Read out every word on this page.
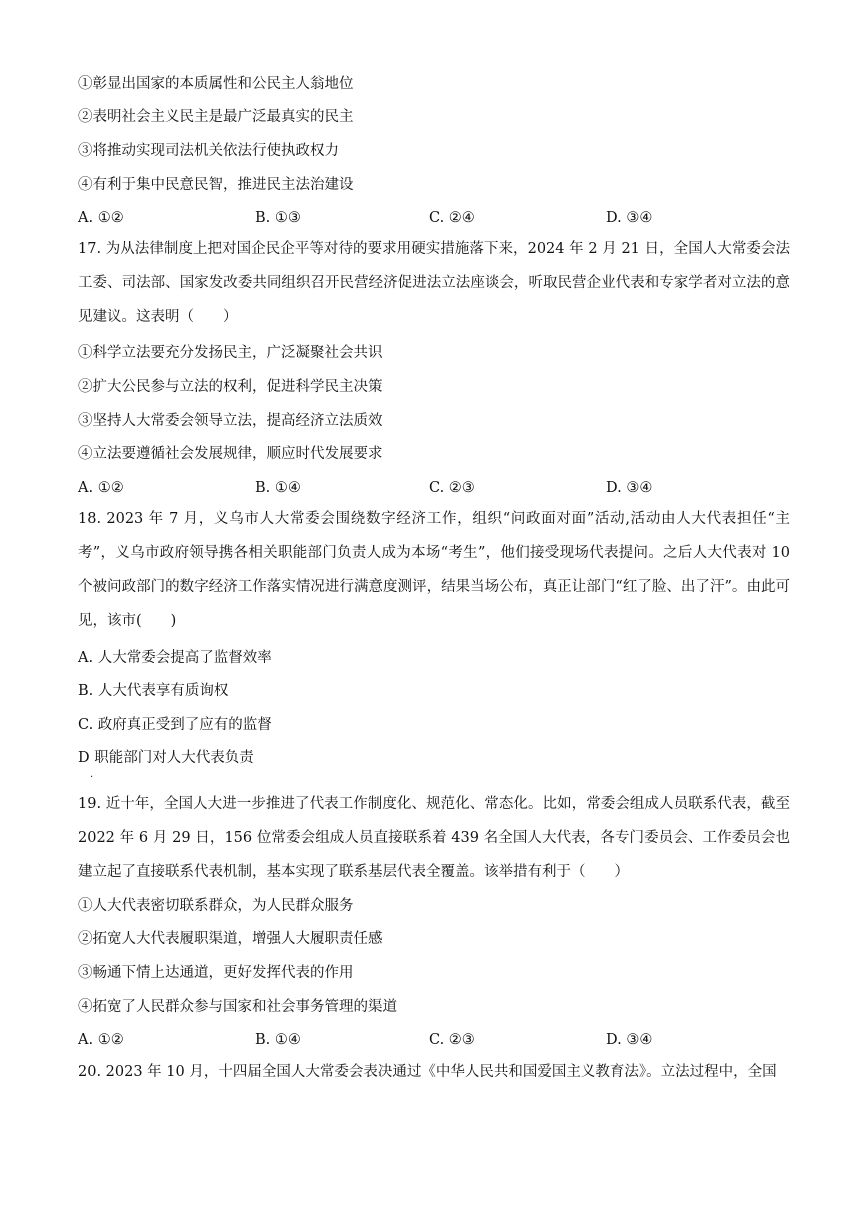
①彰显出国家的本质属性和公民主人翁地位
②表明社会主义民主是最广泛最真实的民主
③将推动实现司法机关依法行使执政权力
④有利于集中民意民智，推进民主法治建设
A. ①②	B. ①③	C. ②④	D. ③④
17. 为从法律制度上把对国企民企平等对待的要求用硬实措施落下来，2024 年 2 月 21 日，全国人大常委会法工委、司法部、国家发改委共同组织召开民营经济促进法立法座谈会，听取民营企业代表和专家学者对立法的意见建议。这表明（　　）
①科学立法要充分发扬民主，广泛凝聚社会共识
②扩大公民参与立法的权利，促进科学民主决策
③坚持人大常委会领导立法，提高经济立法质效
④立法要遵循社会发展规律，顺应时代发展要求
A. ①②	B. ①④	C. ②③	D. ③④
18. 2023 年 7 月，义乌市人大常委会围绕数字经济工作，组织“问政面对面”活动,活动由人大代表担任“主考”，义乌市政府领导携各相关职能部门负责人成为本场“考生”，他们接受现场代表提问。之后人大代表对 10 个被问政部门的数字经济工作落实情况进行满意度测评，结果当场公布，真正让部门“红了脸、出了汗”。由此可见，该市(　　)
A. 人大常委会提高了监督效率
B. 人大代表享有质询权
C. 政府真正受到了应有的监督
D 职能部门对人大代表负责
.
19. 近十年，全国人大进一步推进了代表工作制度化、规范化、常态化。比如，常委会组成人员联系代表，截至 2022 年 6 月 29 日，156 位常委会组成人员直接联系着 439 名全国人大代表，各专门委员会、工作委员会也建立起了直接联系代表机制，基本实现了联系基层代表全覆盖。该举措有利于（　　）
①人大代表密切联系群众，为人民群众服务
②拓宽人大代表履职渠道，增强人大履职责任感
③畅通下情上达通道，更好发挥代表的作用
④拓宽了人民群众参与国家和社会事务管理的渠道
A. ①②	B. ①④	C. ②③	D. ③④
20. 2023 年 10 月，十四届全国人大常委会表决通过《中华人民共和国爱国主义教育法》。立法过程中，全国
